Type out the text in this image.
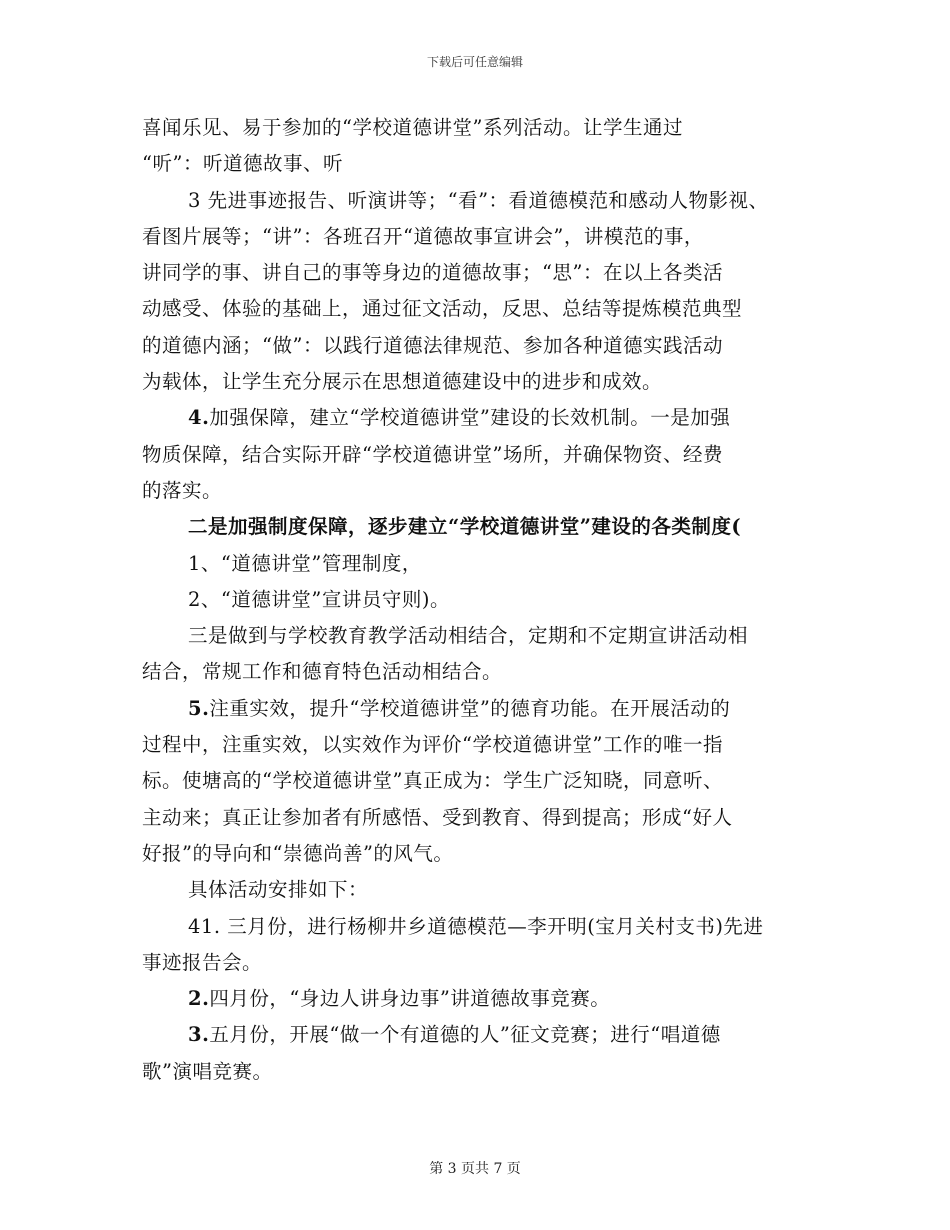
下载后可任意编辑
喜闻乐见、易于参加的“学校道德讲堂”系列活动。让学生通过
“听”：听道德故事、听
3 先进事迹报告、听演讲等；“看”：看道德模范和感动人物影视、
看图片展等；“讲”：各班召开“道德故事宣讲会”，讲模范的事，
讲同学的事、讲自己的事等身边的道德故事；“思”：在以上各类活
动感受、体验的基础上，通过征文活动，反思、总结等提炼模范典型
的道德内涵；“做”：以践行道德法律规范、参加各种道德实践活动
为载体，让学生充分展示在思想道德建设中的进步和成效。
4.加强保障，建立“学校道德讲堂”建设的长效机制。一是加强
物质保障，结合实际开辟“学校道德讲堂”场所，并确保物资、经费
的落实。
二是加强制度保障，逐步建立“学校道德讲堂”建设的各类制度(
1、“道德讲堂”管理制度，
2、“道德讲堂”宣讲员守则)。
三是做到与学校教育教学活动相结合，定期和不定期宣讲活动相
结合，常规工作和德育特色活动相结合。
5.注重实效，提升“学校道德讲堂”的德育功能。在开展活动的
过程中，注重实效，以实效作为评价“学校道德讲堂”工作的唯一指
标。使塘高的“学校道德讲堂”真正成为：学生广泛知晓，同意听、
主动来；真正让参加者有所感悟、受到教育、得到提高；形成“好人
好报”的导向和“崇德尚善”的风气。
具体活动安排如下：
41. 三月份，进行杨柳井乡道德模范—李开明(宝月关村支书)先进
事迹报告会。
2.四月份，“身边人讲身边事”讲道德故事竞赛。
3.五月份，开展“做一个有道德的人”征文竞赛；进行“唱道德
歌”演唱竞赛。
第 3 页共 7 页
